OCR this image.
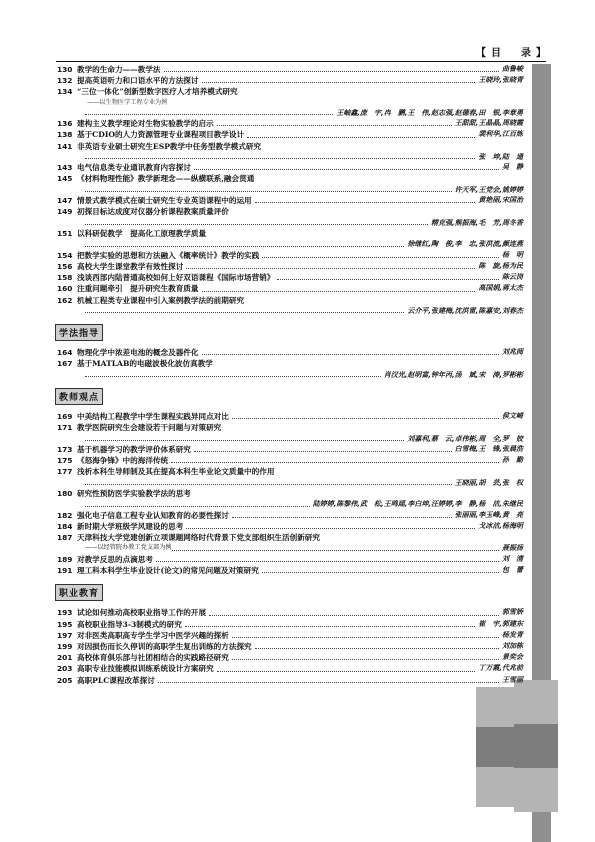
【目　录】
130 教学的生命力——教学法	曲鲁峻
132 提高英语听力和口语水平的方法探讨	王晓玲,张晓青
134 “三位一体化”创新型数字医疗人才培养模式研究
——以生物医学工程专业为例
王岫鑫,庞　宇,冉　鹏,王　伟,赵志强,赵德春,田　银,李章勇
136 建构主义教学理论对生物实验教学的启示	王甜甜,王晶晶,周晓霞
138 基于CDIO的人力资源管理专业课程项目教学设计	裴利华,江百炼
141 非英语专业硕士研究生ESP教学中任务型教学模式研究
张　坤,陆　通
143 电气信息类专业通讯教育内容探讨	吴　静
145 《材料物理性能》教学新理念——纵横联系,融会贯通
许天军,王党会,姚婷婷
147 情景式教学模式在硕士研究生专业英语课程中的运用	黄艳丽,宋国治
149 初探目标达成度对仪器分析课程教案质量评价
精克强,熊振海,毛　芳,周冬香
151 以科研促教学　提高化工原理教学质量
徐继红,陶　俊,李　忠,张洪流,颜连燕
154 把数学实验的思想和方法融入《概率统计》教学的实践	杨　明
156 高校大学生课堂教学有效性探讨	陈　旋,杨为民
158 浅谈西部内陆普通高校如何上好双语课程《国际市场营销》	陈云岗
160 注重问题牵引　提升研究生教育质量	高国娟,蒋太杰
162 机械工程类专业课程中引入案例教学法的前期研究
云介平,张建梅,沈洪雷,陈嘉安,刘春杰
学法指导
164 物理化学中浓差电池的概念及器件化	刘兆阅
167 基于MATLAB的电磁波极化波仿真教学
肖汉光,赵明富,钟年丙,汤　斌,宋　涛,罗彬彬
教师观点
169 中美结构工程教学中学生课程实践异同点对比	侯文崎
171 教学医院研究生会建设若干问题与对策研究
刘嘉利,蔡　云,卓伟彬,周　全,罗　姣
173 基于机器学习的教学评价体系研究	白雪梅,王　锋,张晨浩
175 《怒海争锋》中的海洋传统	孙　勤
177 浅析本科生导师制及其在提高本科生毕业论文质量中的作用
王晓丽,胡　芸,张　权
180 研究性预防医学实验教学法的思考
陆婷婷,陈黎伟,武　松,王鸣瑶,李白坤,汪婷婷,李　静,杨　洁,朱继民
182 强化电子信息工程专业认知教育的必要性探讨	张丽丽,李玉峰,黄　亮
184 新时期大学班级学风建设的思考	戈冰洁,杨海明
187 天津科技大学党建创新立项课题网络时代背景下党支部组织生活创新研究
——以经管院办教工党支部为例	聂振扬
189 对教学反思的点滴思考	刘　清
191 理工科本科学生毕业设计(论文)的常见问题及对策研究	包　蕾
职业教育
193 试论如何推动高校职业指导工作的开展	郭雪娇
195 高校职业指导3-3制模式的研究	崔　宇,郭建东
197 对非医类高职高专学生学习中医学兴趣的探析	杨发青
199 对因损伤而长久停训的高职学生复出训练的方法探究	刘加栋
201 高校体育俱乐部与社团相结合的实践路径研究	景奕会
203 高职专业技能模拟训练系统设计方案研究	丁万霞,代兆前
205 高职PLC课程改革探讨	王雪丽
